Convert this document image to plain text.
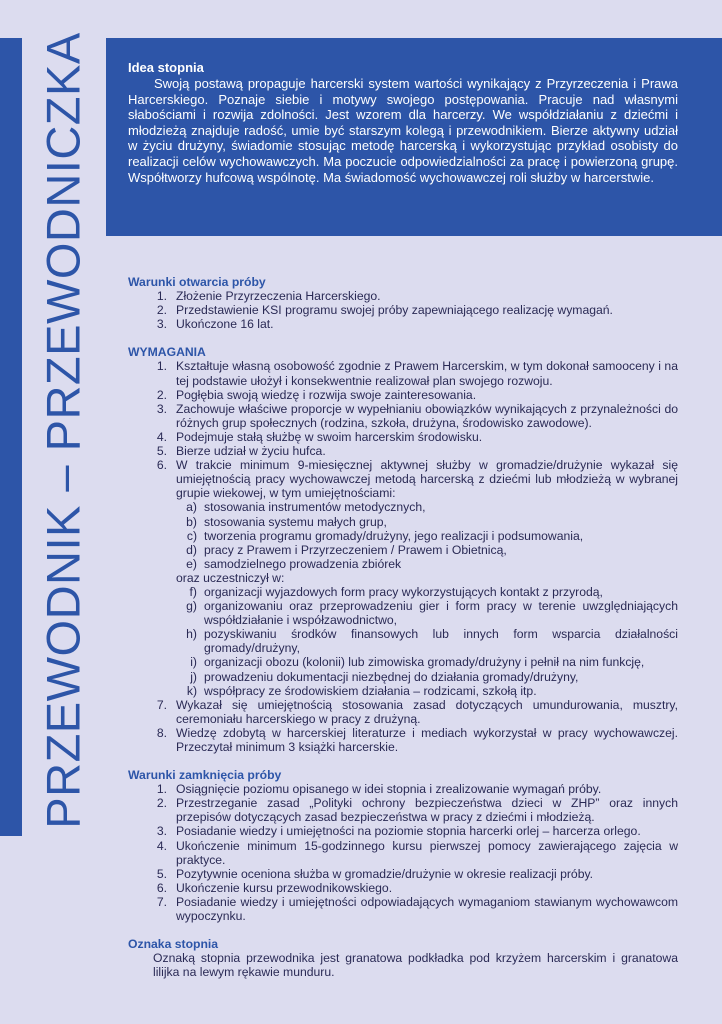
PRZEWODNIK – PRZEWODNICZKA	Idea stopnia

Swoją postawą propaguje harcerski system wartości wynikający z Przyrzeczenia i Prawa Harcerskiego. Poznaje siebie i motywy swojego postępowania. Pracuje nad własnymi słabościami i rozwija zdolności. Jest wzorem dla harcerzy. We współdziałaniu z dziećmi i młodzieżą znajduje radość, umie być starszym kolegą i przewodnikiem. Bierze aktywny udział w życiu drużyny, świadomie stosując metodę harcerską i wykorzystując przykład osobisty do realizacji celów wychowawczych. Ma poczucie odpowiedzialności za pracę i powierzoną grupę. Współtworzy hufcową wspólnotę. Ma świadomość wychowawczej roli służby w harcerstwie.

Warunki otwarcia próby
1. Złożenie Przyrzeczenia Harcerskiego.
2. Przedstawienie KSI programu swojej próby zapewniającego realizację wymagań.
3. Ukończone 16 lat.
WYMAGANIA
1. Kształtuje własną osobowość zgodnie z Prawem Harcerskim, w tym dokonał samooceny i na tej podstawie ułożył i konsekwentnie realizował plan swojego rozwoju.
2. Pogłębia swoją wiedzę i rozwija swoje zainteresowania.
3. Zachowuje właściwe proporcje w wypełnianiu obowiązków wynikających z przynależności do różnych grup społecznych (rodzina, szkoła, drużyna, środowisko zawodowe).
4. Podejmuje stałą służbę w swoim harcerskim środowisku.
5. Bierze udział w życiu hufca.
6. W trakcie minimum 9-miesięcznej aktywnej służby w gromadzie/drużynie wykazał się umiejętnością pracy wychowawczej metodą harcerską z dziećmi lub młodzieżą w wybranej grupie wiekowej, w tym umiejętnościami:
a) stosowania instrumentów metodycznych,
b) stosowania systemu małych grup,
c) tworzenia programu gromady/drużyny, jego realizacji i podsumowania,
d) pracy z Prawem i Przyrzeczeniem / Prawem i Obietnicą,
e) samodzielnego prowadzenia zbiórek
oraz uczestniczył w:
f) organizacji wyjazdowych form pracy wykorzystujących kontakt z przyrodą,
g) organizowaniu oraz przeprowadzeniu gier i form pracy w terenie uwzględniających współdziałanie i współzawodnictwo,
h) pozyskiwaniu środków finansowych lub innych form wsparcia działalności gromady/drużyny,
i) organizacji obozu (kolonii) lub zimowiska gromady/drużyny i pełnił na nim funkcję,
j) prowadzeniu dokumentacji niezbędnej do działania gromady/drużyny,
k) współpracy ze środowiskiem działania – rodzicami, szkołą itp.
7. Wykazał się umiejętnością stosowania zasad dotyczących umundurowania, musztry, ceremoniału harcerskiego w pracy z drużyną.
8. Wiedzę zdobytą w harcerskiej literaturze i mediach wykorzystał w pracy wychowawczej. Przeczytał minimum 3 książki harcerskie.
Warunki zamknięcia próby
1. Osiągnięcie poziomu opisanego w idei stopnia i zrealizowanie wymagań próby.
2. Przestrzeganie zasad „Polityki ochrony bezpieczeństwa dzieci w ZHP” oraz innych przepisów dotyczących zasad bezpieczeństwa w pracy z dziećmi i młodzieżą.
3. Posiadanie wiedzy i umiejętności na poziomie stopnia harcerki orlej – harcerza orlego.
4. Ukończenie minimum 15-godzinnego kursu pierwszej pomocy zawierającego zajęcia w praktyce.
5. Pozytywnie oceniona służba w gromadzie/drużynie w okresie realizacji próby.
6. Ukończenie kursu przewodnikowskiego.
7. Posiadanie wiedzy i umiejętności odpowiadających wymaganiom stawianym wychowawcom wypoczynku.
Oznaka stopnia

Oznaką stopnia przewodnika jest granatowa podkładka pod krzyżem harcerskim i granatowa lilijka na lewym rękawie munduru.
